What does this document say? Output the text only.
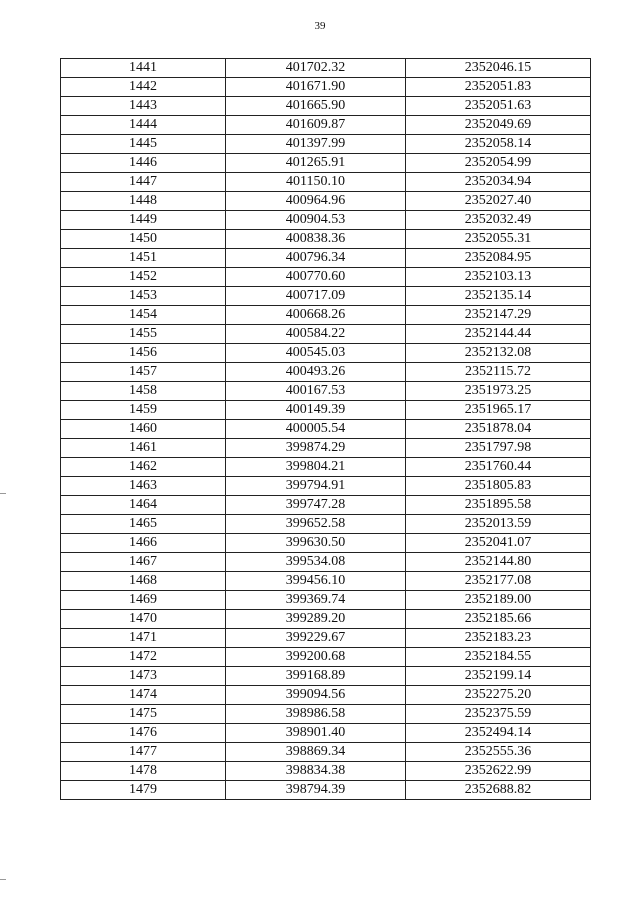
39
1441	401702.32	2352046.15
1442	401671.90	2352051.83
1443	401665.90	2352051.63
1444	401609.87	2352049.69
1445	401397.99	2352058.14
1446	401265.91	2352054.99
1447	401150.10	2352034.94
1448	400964.96	2352027.40
1449	400904.53	2352032.49
1450	400838.36	2352055.31
1451	400796.34	2352084.95
1452	400770.60	2352103.13
1453	400717.09	2352135.14
1454	400668.26	2352147.29
1455	400584.22	2352144.44
1456	400545.03	2352132.08
1457	400493.26	2352115.72
1458	400167.53	2351973.25
1459	400149.39	2351965.17
1460	400005.54	2351878.04
1461	399874.29	2351797.98
1462	399804.21	2351760.44
1463	399794.91	2351805.83
1464	399747.28	2351895.58
1465	399652.58	2352013.59
1466	399630.50	2352041.07
1467	399534.08	2352144.80
1468	399456.10	2352177.08
1469	399369.74	2352189.00
1470	399289.20	2352185.66
1471	399229.67	2352183.23
1472	399200.68	2352184.55
1473	399168.89	2352199.14
1474	399094.56	2352275.20
1475	398986.58	2352375.59
1476	398901.40	2352494.14
1477	398869.34	2352555.36
1478	398834.38	2352622.99
1479	398794.39	2352688.82
